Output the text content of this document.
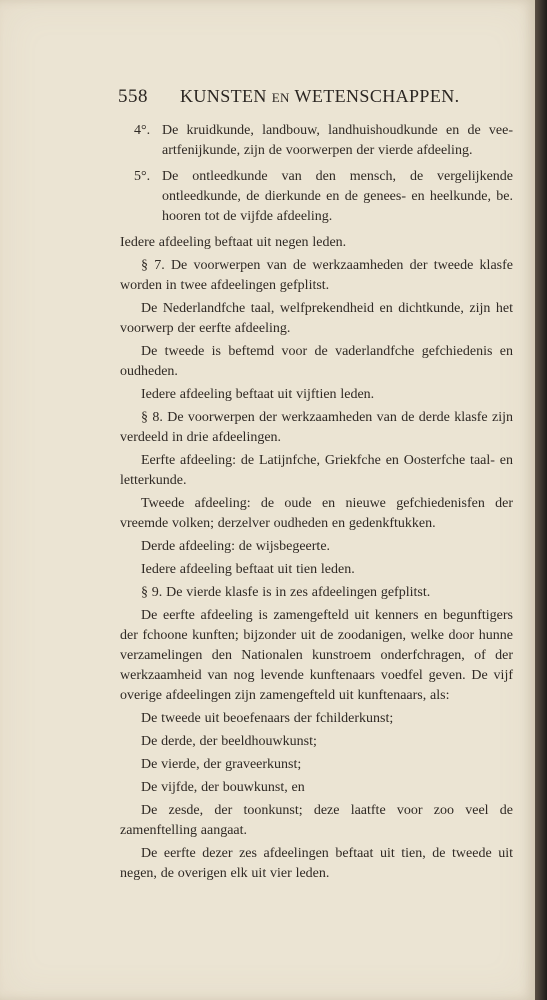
558 KUNSTEN EN WETENSCHAPPEN.
4°. De kruidkunde, landbouw, landhuishoudkunde en de vee-artfenijkunde, zijn de voorwerpen der vierde afdeeling.
5°. De ontleedkunde van den mensch, de vergelijkende ontleedkunde, de dierkunde en de genees- en heelkunde, be. hooren tot de vijfde afdeeling.

Iedere afdeeling beftaat uit negen leden.

§ 7. De voorwerpen van de werkzaamheden der tweede klasfe worden in twee afdeelingen gefplitst.

De Nederlandfche taal, welfprekendheid en dichtkunde, zijn het voorwerp der eerfte afdeeling.

De tweede is beftemd voor de vaderlandfche gefchiedenis en oudheden.

Iedere afdeeling beftaat uit vijftien leden.

§ 8. De voorwerpen der werkzaamheden van de derde klasfe zijn verdeeld in drie afdeelingen.

Eerfte afdeeling: de Latijnfche, Griekfche en Oosterfche taal- en letterkunde.

Tweede afdeeling: de oude en nieuwe gefchiedenisfen der vreemde volken; derzelver oudheden en gedenkftukken.

Derde afdeeling: de wijsbegeerte.

Iedere afdeeling beftaat uit tien leden.

§ 9. De vierde klasfe is in zes afdeelingen gefplitst.

De eerfte afdeeling is zamengefteld uit kenners en begunftigers der fchoone kunften; bijzonder uit de zoodanigen, welke door hunne verzamelingen den Nationalen kunstroem onderfchragen, of der werkzaamheid van nog levende kunftenaars voedfel geven. De vijf overige afdeelingen zijn zamengefteld uit kunftenaars, als:

De tweede uit beoefenaars der fchilderkunst;

De derde, der beeldhouwkunst;

De vierde, der graveerkunst;

De vijfde, der bouwkunst, en

De zesde, der toonkunst; deze laatfte voor zoo veel de zamenftelling aangaat.

De eerfte dezer zes afdeelingen beftaat uit tien, de tweede uit negen, de overigen elk uit vier leden.
